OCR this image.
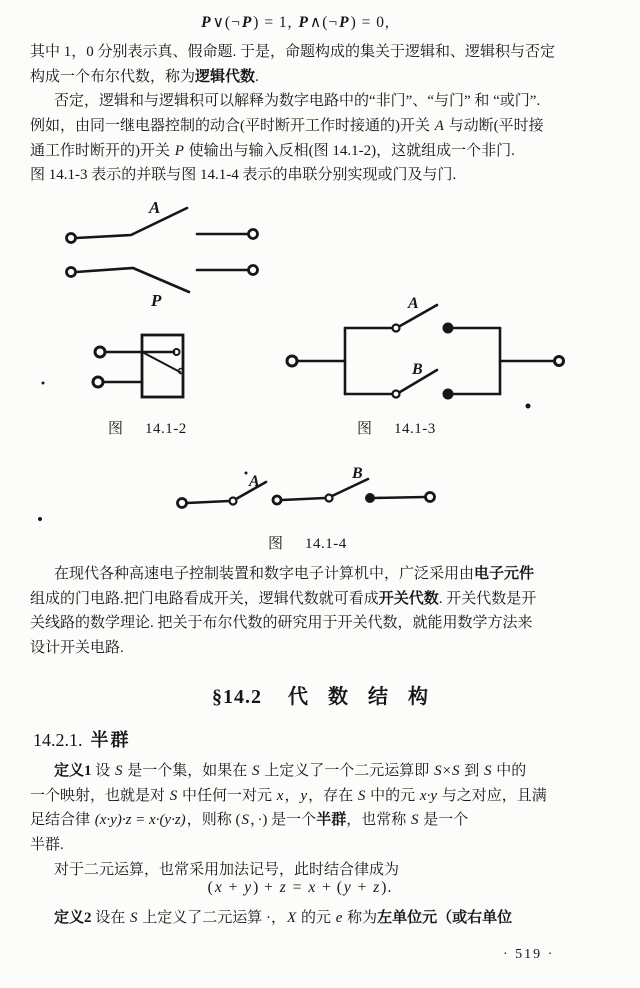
P∨(¬P) = 1, P∧(¬P) = 0,
其中 1，0 分别表示真、假命题. 于是，命题构成的集关于逻辑和、逻辑积与否定
构成一个布尔代数，称为逻辑代数.
否定，逻辑和与逻辑积可以解释为数字电路中的“非门”、“与门” 和 “或门”.
例如，由同一继电器控制的动合(平时断开工作时接通的)开关 A 与动断(平时接
通工作时断开的)开关 P 使输出与输入反相(图 14.1-2)，这就组成一个非门.
图 14.1-3 表示的并联与图 14.1-4 表示的串联分别实现或门及与门.
A
P	A
B
A	B
图 14.1-2	图 14.1-3
图 14.1-4
在现代各种高速电子控制装置和数字电子计算机中，广泛采用由电子元件
组成的门电路.把门电路看成开关，逻辑代数就可看成开关代数. 开关代数是开
关线路的数学理论. 把关于布尔代数的研究用于开关代数，就能用数学方法来
设计开关电路.
§14.2 代　数　结　构
14.2.1. 半群
定义1 设 S 是一个集，如果在 S 上定义了一个二元运算即 S×S 到 S 中的
一个映射，也就是对 S 中任何一对元 x，y，存在 S 中的元 x·y 与之对应，且满
足结合律 (x·y)·z = x·(y·z)，则称 (S，·) 是一个半群，也常称 S 是一个
半群.
对于二元运算，也常采用加法记号，此时结合律成为
(x + y) + z = x + (y + z).
定义2 设在 S 上定义了二元运算 ·，X 的元 e 称为左单位元（或右单位
· 519 ·
